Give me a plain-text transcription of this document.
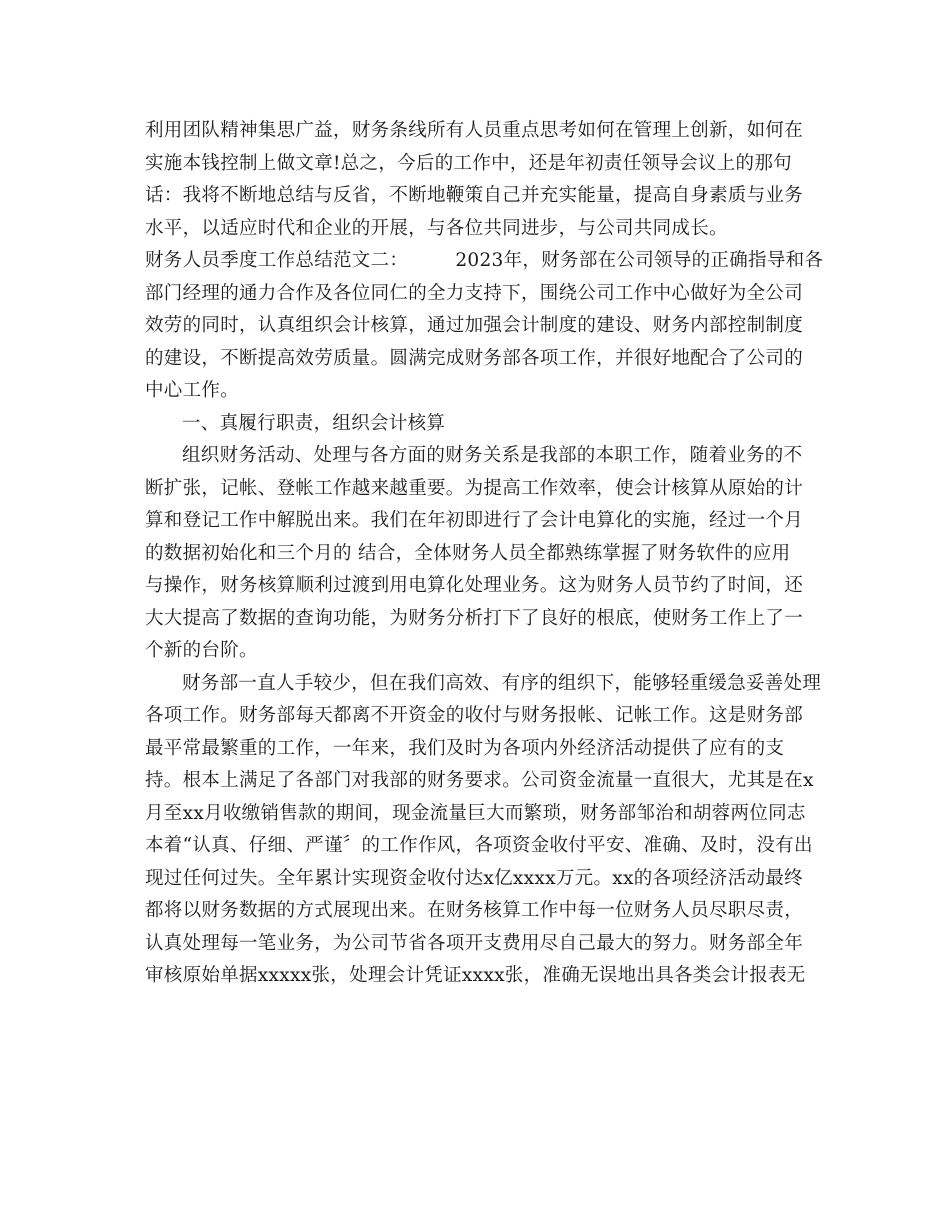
利用团队精神集思广益，财务条线所有人员重点思考如何在管理上创新，如何在
实施本钱控制上做文章!总之，今后的工作中，还是年初责任领导会议上的那句
话：我将不断地总结与反省，不断地鞭策自己并充实能量，提高自身素质与业务
水平，以适应时代和企业的开展，与各位共同进步，与公司共同成长。
财务人员季度工作总结范文二：　　　2023年，财务部在公司领导的正确指导和各
部门经理的通力合作及各位同仁的全力支持下，围绕公司工作中心做好为全公司
效劳的同时，认真组织会计核算，通过加强会计制度的建设、财务内部控制制度
的建设，不断提高效劳质量。圆满完成财务部各项工作，并很好地配合了公司的
中心工作。
一、真履行职责，组织会计核算
组织财务活动、处理与各方面的财务关系是我部的本职工作，随着业务的不
断扩张，记帐、登帐工作越来越重要。为提高工作效率，使会计核算从原始的计
算和登记工作中解脱出来。我们在年初即进行了会计电算化的实施，经过一个月
的数据初始化和三个月的 结合，全体财务人员全都熟练掌握了财务软件的应用
与操作，财务核算顺利过渡到用电算化处理业务。这为财务人员节约了时间，还
大大提高了数据的查询功能，为财务分析打下了良好的根底，使财务工作上了一
个新的台阶。
财务部一直人手较少，但在我们高效、有序的组织下，能够轻重缓急妥善处理
各项工作。财务部每天都离不开资金的收付与财务报帐、记帐工作。这是财务部
最平常最繁重的工作，一年来，我们及时为各项内外经济活动提供了应有的支
持。根本上满足了各部门对我部的财务要求。公司资金流量一直很大，尤其是在x
月至xx月收缴销售款的期间，现金流量巨大而繁琐，财务部邹治和胡蓉两位同志
本着“认真、仔细、严谨〞的工作作风，各项资金收付平安、准确、及时，没有出
现过任何过失。全年累计实现资金收付达x亿xxxx万元。xx的各项经济活动最终
都将以财务数据的方式展现出来。在财务核算工作中每一位财务人员尽职尽责，
认真处理每一笔业务，为公司节省各项开支费用尽自己最大的努力。财务部全年
审核原始单据xxxxx张，处理会计凭证xxxx张，准确无误地出具各类会计报表无
